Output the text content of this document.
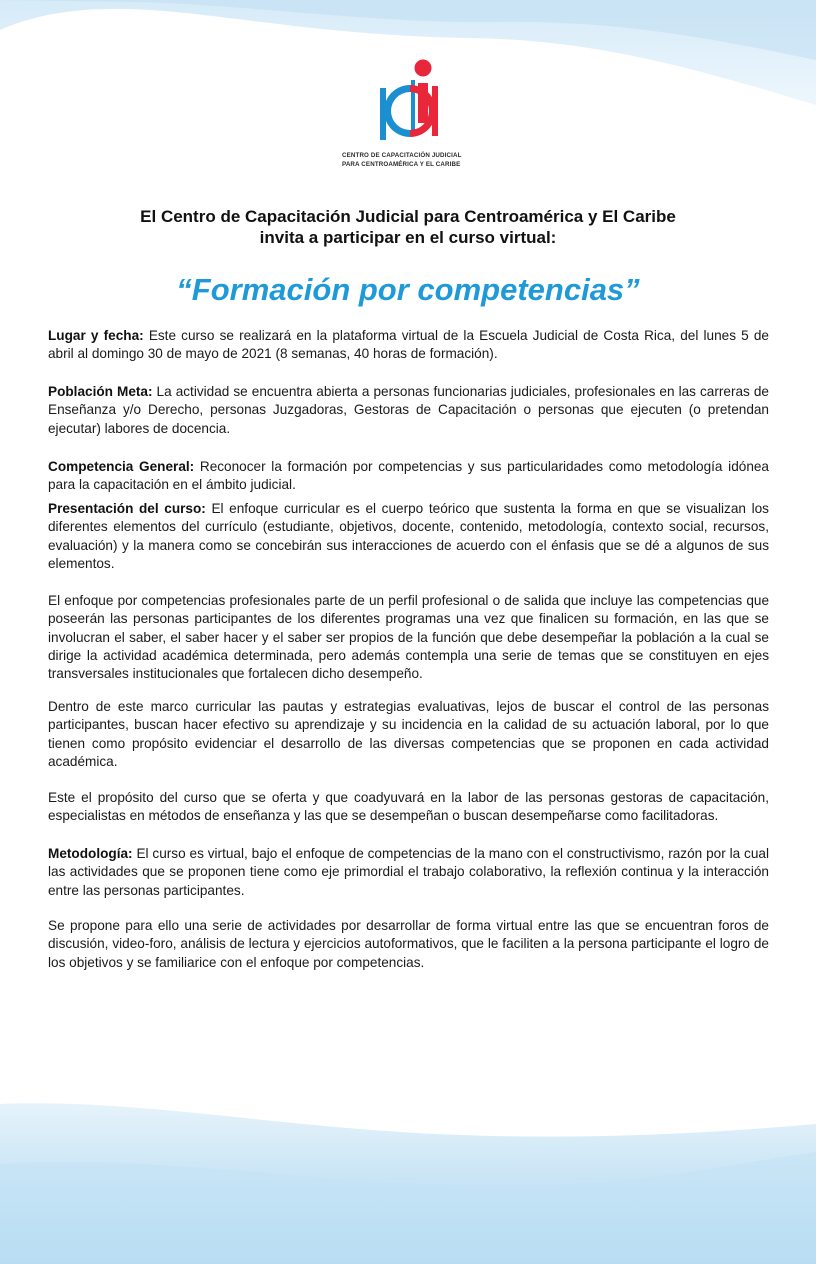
CENTRO DE CAPACITACIÓN JUDICIAL
PARA CENTROAMÉRICA Y EL CARIBE
El Centro de Capacitación Judicial para Centroamérica y El Caribe
invita a participar en el curso virtual:
“Formación por competencias”

Lugar y fecha: Este curso se realizará en la plataforma virtual de la Escuela Judicial de Costa Rica, del lunes 5 de abril al domingo 30 de mayo de 2021 (8 semanas, 40 horas de formación).

Población Meta: La actividad se encuentra abierta a personas funcionarias judiciales, profesionales en las carreras de Enseñanza y/o Derecho, personas Juzgadoras, Gestoras de Capacitación o personas que ejecuten (o pretendan ejecutar) labores de docencia.

Competencia General: Reconocer la formación por competencias y sus particularidades como metodología idónea para la capacitación en el ámbito judicial.

Presentación del curso: El enfoque curricular es el cuerpo teórico que sustenta la forma en que se visualizan los diferentes elementos del currículo (estudiante, objetivos, docente, contenido, metodología, contexto social, recursos, evaluación) y la manera como se concebirán sus interacciones de acuerdo con el énfasis que se dé a algunos de sus elementos.

El enfoque por competencias profesionales parte de un perfil profesional o de salida que incluye las competencias que poseerán las personas participantes de los diferentes programas una vez que finalicen su formación, en las que se involucran el saber, el saber hacer y el saber ser propios de la función que debe desempeñar la población a la cual se dirige la actividad académica determinada, pero además contempla una serie de temas que se constituyen en ejes transversales institucionales que fortalecen dicho desempeño.

Dentro de este marco curricular las pautas y estrategias evaluativas, lejos de buscar el control de las personas participantes, buscan hacer efectivo su aprendizaje y su incidencia en la calidad de su actuación laboral, por lo que tienen como propósito evidenciar el desarrollo de las diversas competencias que se proponen en cada actividad académica.

Este el propósito del curso que se oferta y que coadyuvará en la labor de las personas gestoras de capacitación, especialistas en métodos de enseñanza y las que se desempeñan o buscan desempeñarse como facilitadoras.

Metodología: El curso es virtual, bajo el enfoque de competencias de la mano con el constructivismo, razón por la cual las actividades que se proponen tiene como eje primordial el trabajo colaborativo, la reflexión continua y la interacción entre las personas participantes.

Se propone para ello una serie de actividades por desarrollar de forma virtual entre las que se encuentran foros de discusión, video-foro, análisis de lectura y ejercicios autoformativos, que le faciliten a la persona participante el logro de los objetivos y se familiarice con el enfoque por competencias.
